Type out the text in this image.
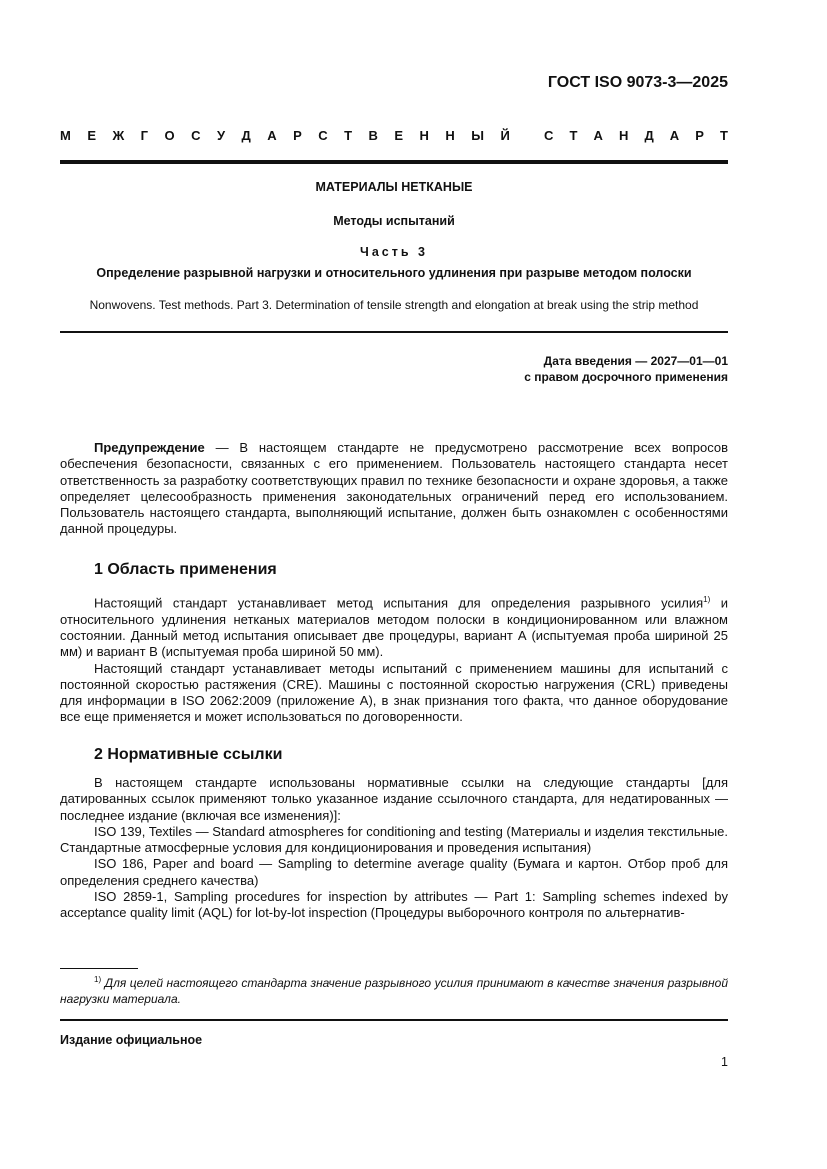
ГОСТ ISO 9073-3—2025
М Е Ж Г О С У Д А Р С Т В Е Н Н Ы Й	С Т А Н Д А Р Т
МАТЕРИАЛЫ НЕТКАНЫЕ
Методы испытаний
Часть 3
Определение разрывной нагрузки и относительного удлинения при разрыве методом полоски
Nonwovens. Test methods. Part 3. Determination of tensile strength and elongation at break using the strip method
Дата введения — 2027—01—01
с правом досрочного применения

Предупреждение — В настоящем стандарте не предусмотрено рассмотрение всех вопросов обеспечения безопасности, связанных с его применением. Пользователь настоящего стандарта несет ответственность за разработку соответствующих правил по технике безопасности и охране здоровья, а также определяет целесообразность применения законодательных ограничений перед его использованием. Пользователь настоящего стандарта, выполняющий испытание, должен быть ознакомлен с особенностями данной процедуры.

1 Область применения

Настоящий стандарт устанавливает метод испытания для определения разрывного усилия$^{1)}$ и относительного удлинения нетканых материалов методом полоски в кондиционированном или влажном состоянии. Данный метод испытания описывает две процедуры, вариант А (испытуемая проба шириной 25 мм) и вариант В (испытуемая проба шириной 50 мм).

Настоящий стандарт устанавливает методы испытаний с применением машины для испытаний с постоянной скоростью растяжения (CRE). Машины с постоянной скоростью нагружения (CRL) приведены для информации в ISO 2062:2009 (приложение А), в знак признания того факта, что данное оборудование все еще применяется и может использоваться по договоренности.

2 Нормативные ссылки

В настоящем стандарте использованы нормативные ссылки на следующие стандарты [для датированных ссылок применяют только указанное издание ссылочного стандарта, для недатированных — последнее издание (включая все изменения)]:

ISO 139, Textiles — Standard atmospheres for conditioning and testing (Материалы и изделия текстильные. Стандартные атмосферные условия для кондиционирования и проведения испытания)

ISO 186, Paper and board — Sampling to determine average quality (Бумага и картон. Отбор проб для определения среднего качества)

ISO 2859-1, Sampling procedures for inspection by attributes — Part 1: Sampling schemes indexed by acceptance quality limit (AQL) for lot-by-lot inspection (Процедуры выборочного контроля по альтернатив-

$^{1)}$ Для целей настоящего стандарта значение разрывного усилия принимают в качестве значения разрывной нагрузки материала.
Издание официальное
1
